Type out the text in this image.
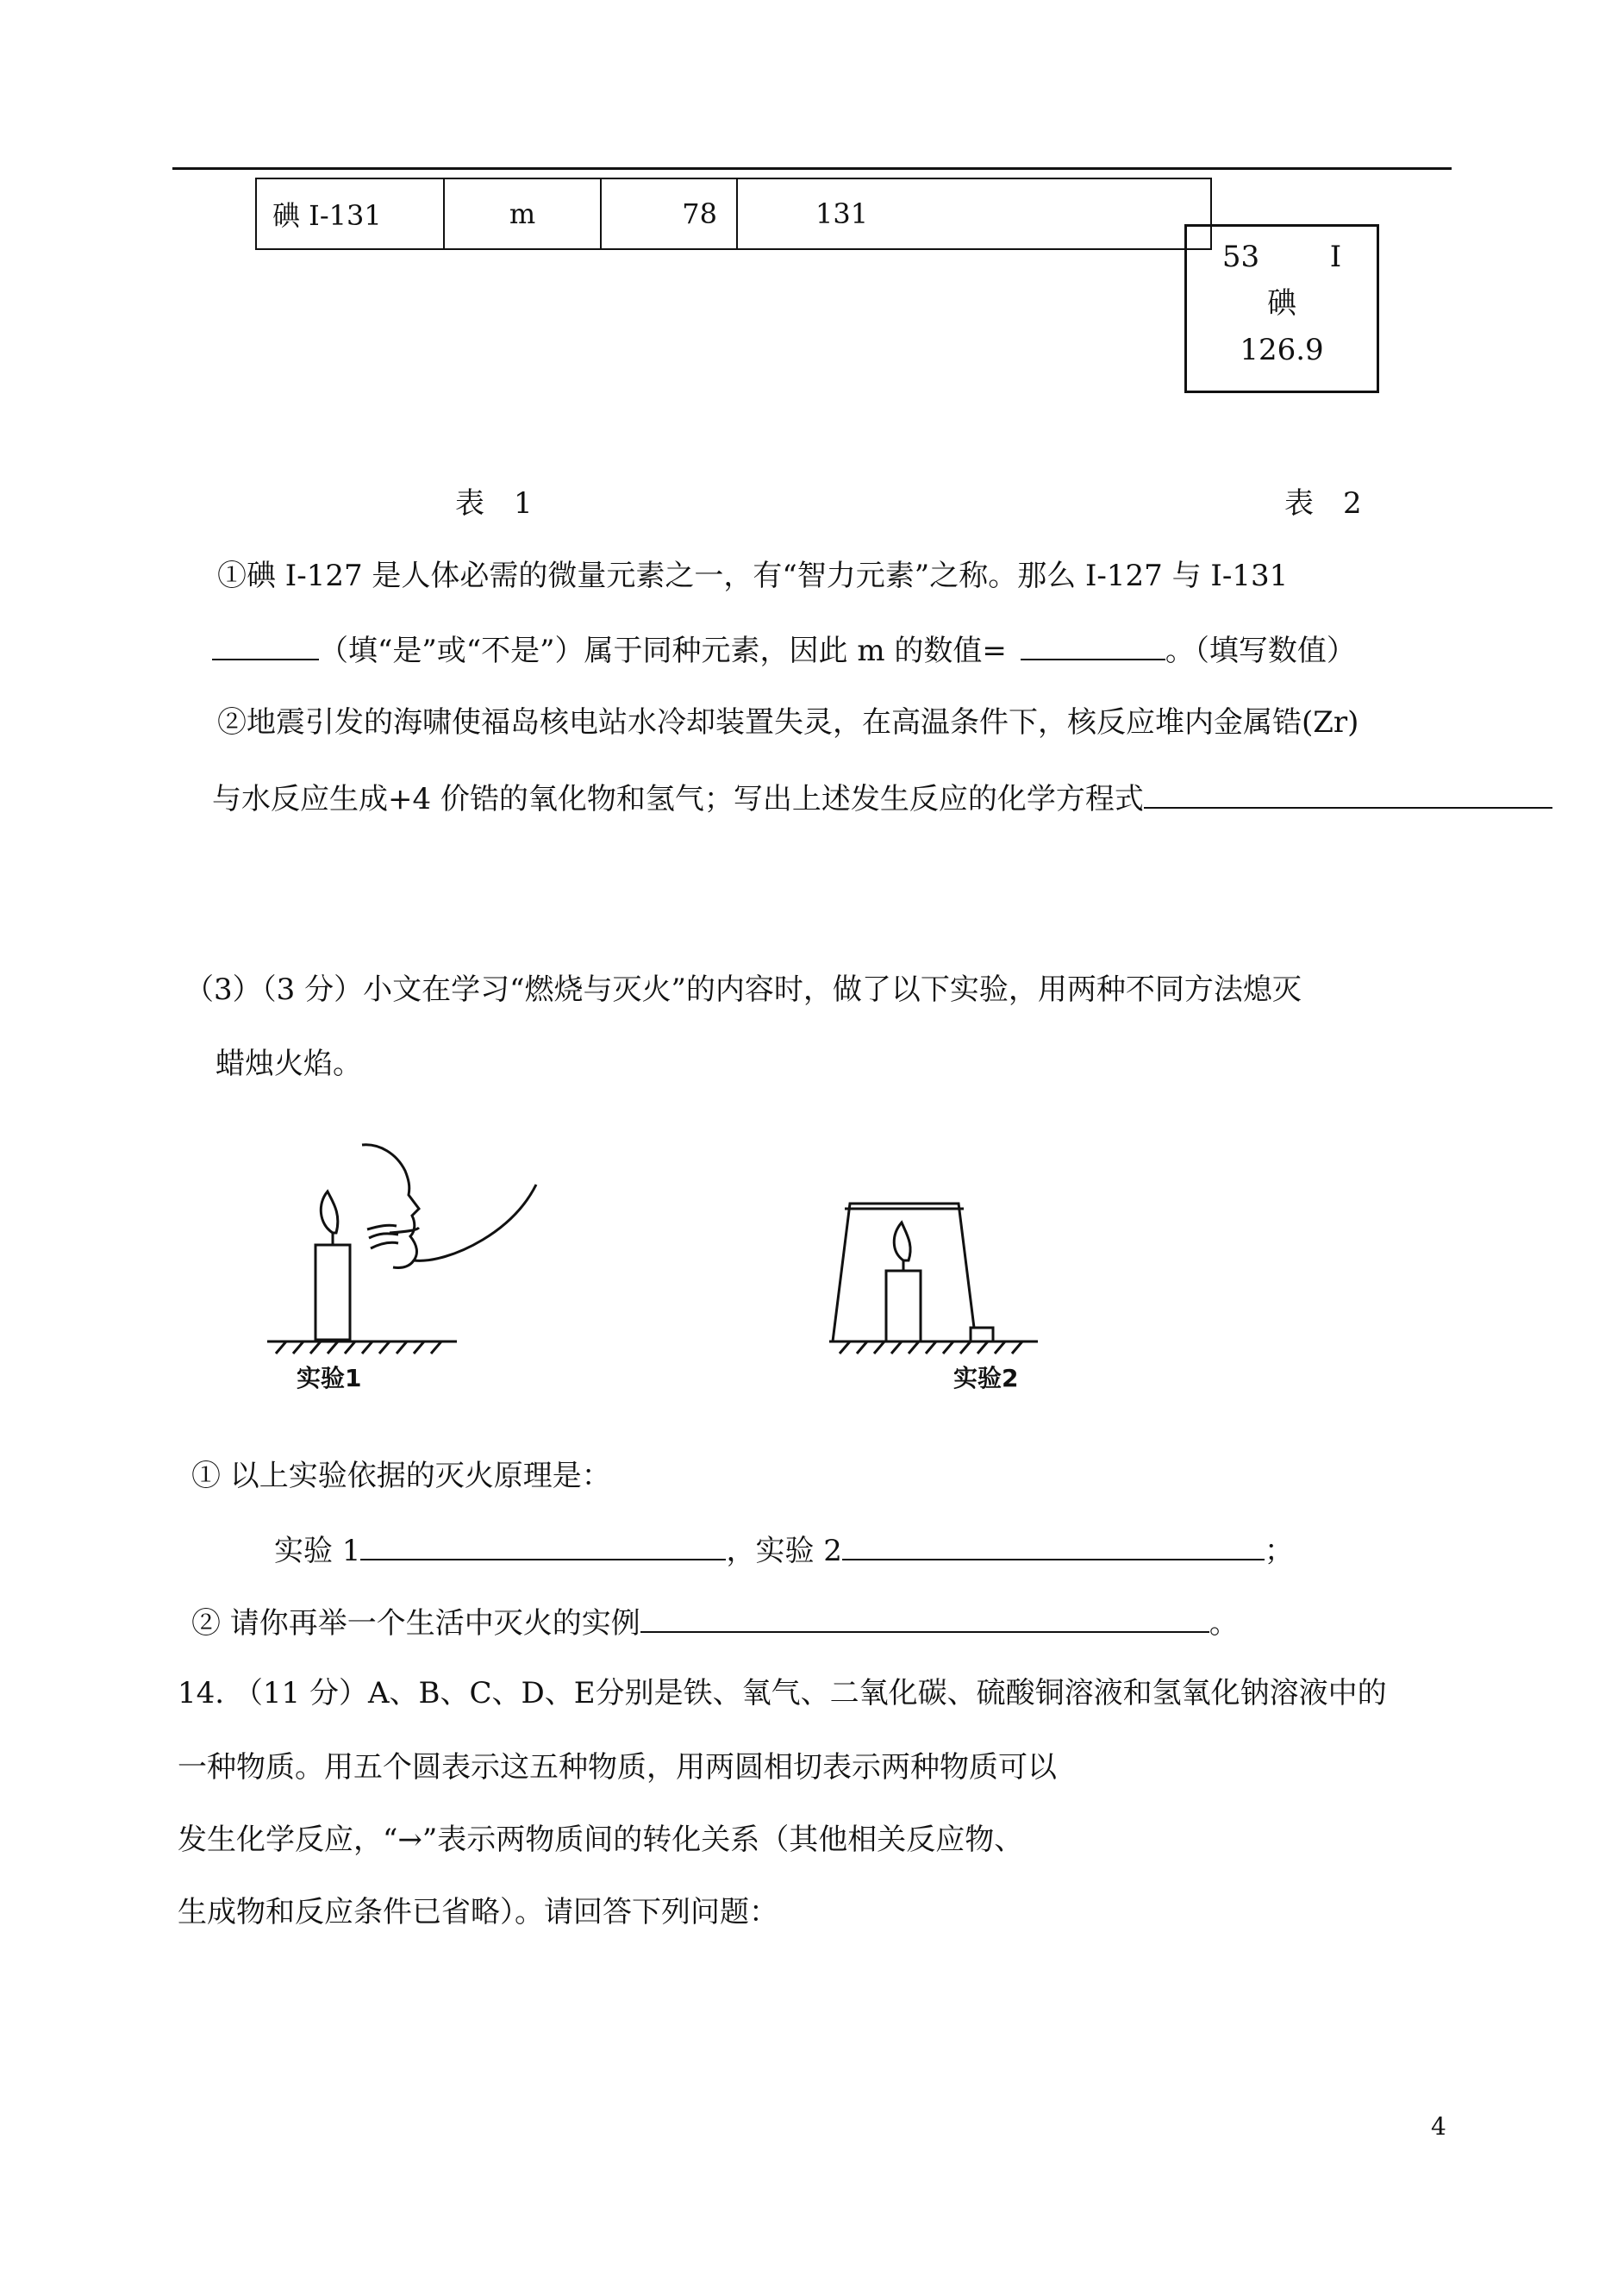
碘 I-131	m	78	131
53 I
碘
126.9
表　1	表　2
①碘 I-127 是人体必需的微量元素之一，有“智力元素”之称。那么 I-127 与 I-131
（填“是”或“不是”）属于同种元素，因此 m 的数值=	。（填写数值）
②地震引发的海啸使福岛核电站水冷却装置失灵，在高温条件下，核反应堆内金属锆(Zr)
与水反应生成+4 价锆的氧化物和氢气；写出上述发生反应的化学方程式
（3）（3 分）小文在学习“燃烧与灭火”的内容时，做了以下实验，用两种不同方法熄灭
蜡烛火焰。
实验1	实验2
① 以上实验依据的灭火原理是：
实验 1	，实验 2	；
② 请你再举一个生活中灭火的实例	。
14. （11 分）A、B、C、D、E分别是铁、氧气、二氧化碳、硫酸铜溶液和氢氧化钠溶液中的
一种物质。用五个圆表示这五种物质，用两圆相切表示两种物质可以
发生化学反应，“→”表示两物质间的转化关系（其他相关反应物、
生成物和反应条件已省略）。请回答下列问题：
4
